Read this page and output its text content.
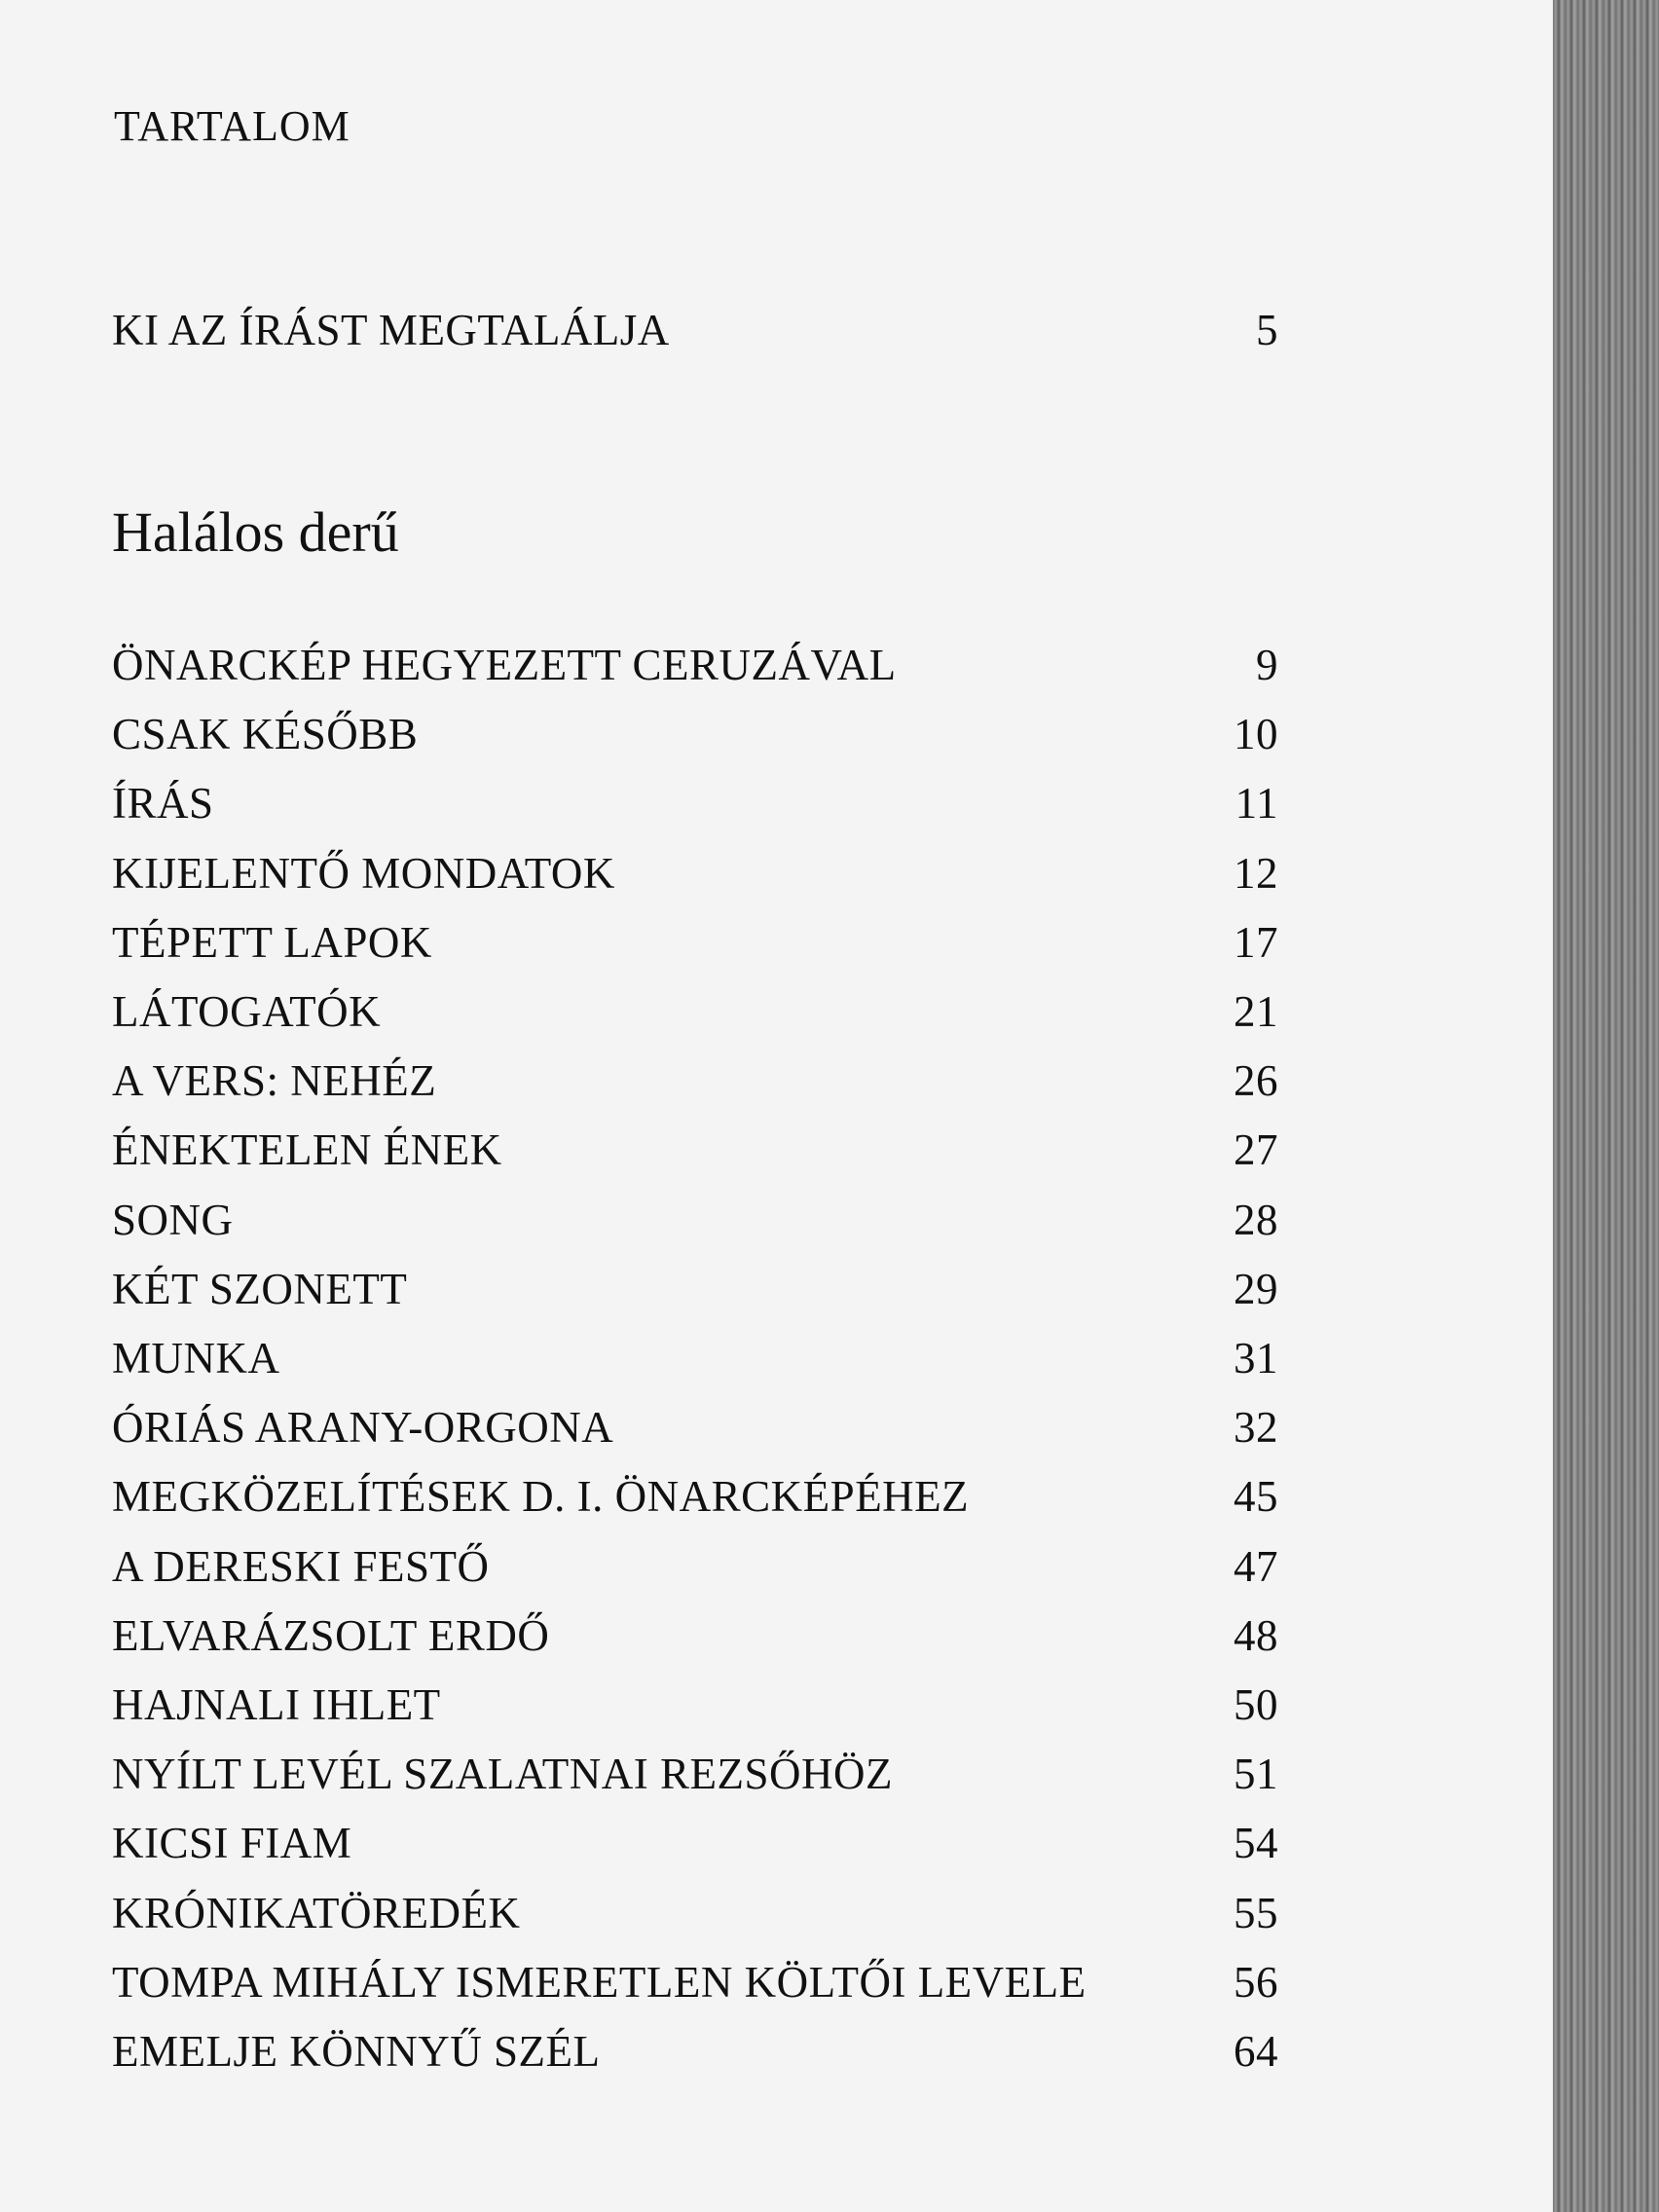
TARTALOM
KI AZ ÍRÁST MEGTALÁLJA	5
Halálos derű
ÖNARCKÉP HEGYEZETT CERUZÁVAL	9
CSAK KÉSŐBB	10
ÍRÁS	11
KIJELENTŐ MONDATOK	12
TÉPETT LAPOK	17
LÁTOGATÓK	21
A VERS: NEHÉZ	26
ÉNEKTELEN ÉNEK	27
SONG	28
KÉT SZONETT	29
MUNKA	31
ÓRIÁS ARANY-ORGONA	32
MEGKÖZELÍTÉSEK D. I. ÖNARCKÉPÉHEZ	45
A DERESKI FESTŐ	47
ELVARÁZSOLT ERDŐ	48
HAJNALI IHLET	50
NYÍLT LEVÉL SZALATNAI REZSŐHÖZ	51
KICSI FIAM	54
KRÓNIKATÖREDÉK	55
TOMPA MIHÁLY ISMERETLEN KÖLTŐI LEVELE	56
EMELJE KÖNNYŰ SZÉL	64
